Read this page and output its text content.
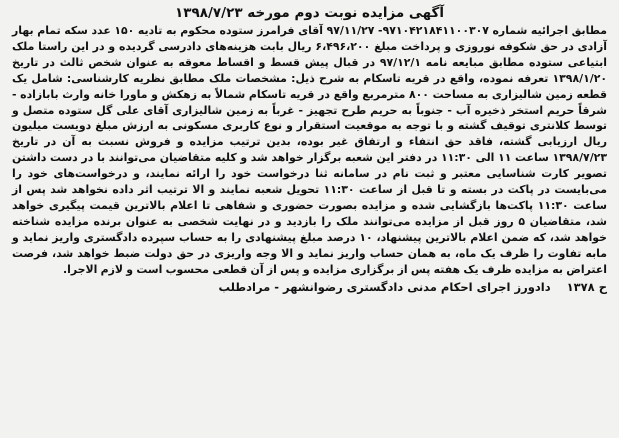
آگهی مزایده نوبت دوم مورخه ۱۳۹۸/۷/۲۳

مطابق اجرائیه شماره ۹۷۱۰۴۲۱۸۴۱۱۰۰۳۰۷- ۹۷/۱۱/۲۷ آقای فرامرز ستوده محکوم به تادیه ۱۵۰ عدد سکه تمام بهار آزادی در حق شکوفه نوروزی و پرداخت مبلغ ۶،۴۹۶،۲۰۰ ریال بابت هزینه‌های دادرسی گردیده و در این راستا ملک ابتیاعی ستوده مطابق مبایعه نامه ۹۷/۱۲/۱ در قبال پیش قسط و اقساط معوقه به عنوان شخص ثالث در تاریخ ۱۳۹۸/۱/۲۰ تعرفه نموده، واقع در قریه تاسکام به شرح ذیل: مشخصات ملک مطابق نظریه کارشناسی: شامل یک قطعه زمین شالیزاری به مساحت ۸۰۰ مترمربع واقع در قریه تاسکام شمالاً به زهکش و ماورا خانه وارث بابازاده - شرقاً حریم استخر ذخیره آب - جنوباً به حریم طرح تجهیز - غرباً به زمین شالیزاری آقای علی گل ستوده متصل و توسط کلانتری توقیف گشته و با توجه به موقعیت استقرار و نوع کاربری مسکونی به ارزش مبلغ دویست میلیون ریال ارزیابی گشته، فاقد حق انتفاء و ارتفاق غیر بوده، بدین ترتیب مزایده و فروش نسبت به آن در تاریخ ۱۳۹۸/۷/۲۳ ساعت ۱۱ الی ۱۱:۳۰ در دفتر این شعبه برگزار خواهد شد و کلیه متقاضیان می‌توانند با در دست داشتن تصویر کارت شناسایی معتبر و ثبت نام در سامانه ثنا درخواست خود را ارائه نمایند، و درخواست‌های خود را می‌بایست در پاکت در بسته و تا قبل از ساعت ۱۱:۳۰ تحویل شعبه نمایند و الا ترتیب اثر داده نخواهد شد پس از ساعت ۱۱:۳۰ پاکت‌ها بازگشایی شده و مزایده بصورت حضوری و شفاهی تا اعلام بالاترین قیمت پیگیری خواهد شد، متقاضیان ۵ روز قبل از مزایده می‌توانند ملک را بازدید و در نهایت شخصی به عنوان برنده مزایده شناخته خواهد شد، که ضمن اعلام بالاترین پیشنهاد، ۱۰ درصد مبلغ پیشنهادی را به حساب سپرده دادگستری واریز نماید و مابه تفاوت را ظرف یک ماه، به همان حساب واریز نماید و الا وجه واریزی در حق دولت ضبط خواهد شد، فرصت اعتراض به مزایده ظرف یک هفته پس از برگزاری مزایده و پس از آن قطعی محسوب است و لازم الاجرا.

ح ۱۳۷۸ دادورز اجرای احکام مدنی دادگستری رضوانشهر - مرادطلب
